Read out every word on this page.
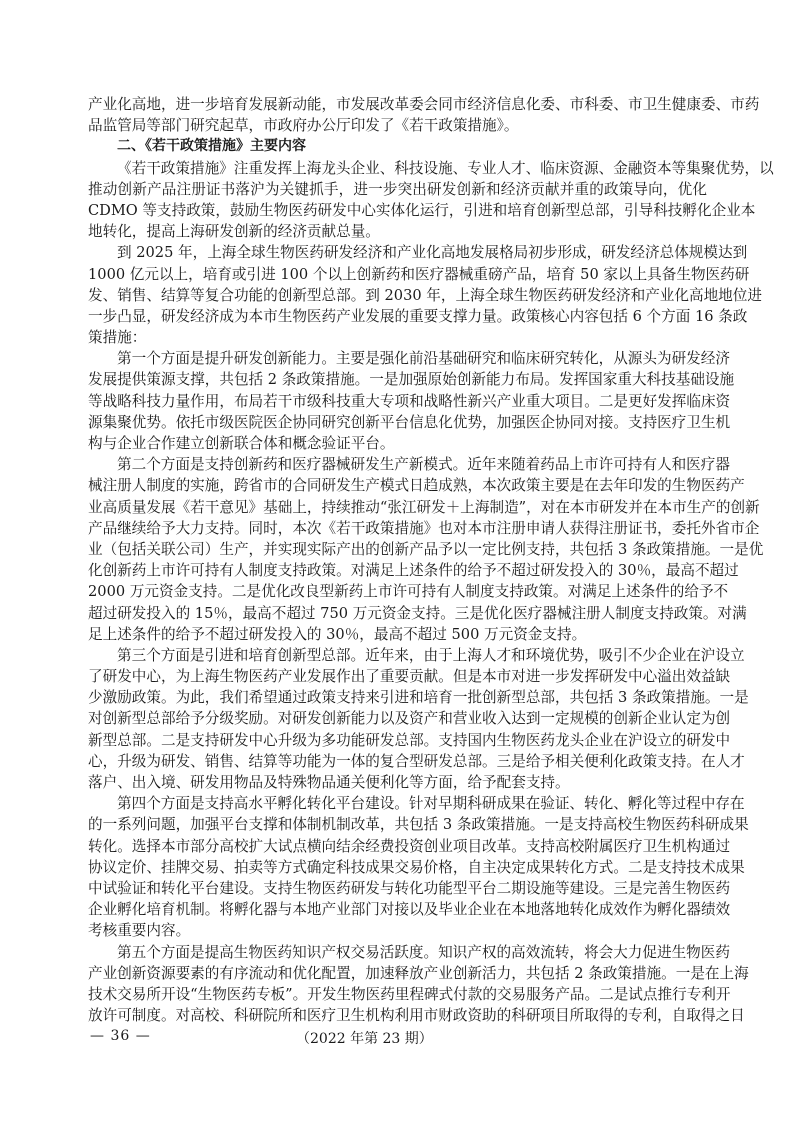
产业化高地，进一步培育发展新动能，市发展改革委会同市经济信息化委、市科委、市卫生健康委、市药
品监管局等部门研究起草，市政府办公厅印发了《若干政策措施》。
二、《若干政策措施》主要内容
《若干政策措施》注重发挥上海龙头企业、科技设施、专业人才、临床资源、金融资本等集聚优势，以
推动创新产品注册证书落沪为关键抓手，进一步突出研发创新和经济贡献并重的政策导向，优化
CDMO 等支持政策，鼓励生物医药研发中心实体化运行，引进和培育创新型总部，引导科技孵化企业本
地转化，提高上海研发创新的经济贡献总量。
到 2025 年，上海全球生物医药研发经济和产业化高地发展格局初步形成，研发经济总体规模达到
1000 亿元以上，培育或引进 100 个以上创新药和医疗器械重磅产品，培育 50 家以上具备生物医药研
发、销售、结算等复合功能的创新型总部。到 2030 年，上海全球生物医药研发经济和产业化高地地位进
一步凸显，研发经济成为本市生物医药产业发展的重要支撑力量。政策核心内容包括 6 个方面 16 条政
策措施：
第一个方面是提升研发创新能力。主要是强化前沿基础研究和临床研究转化，从源头为研发经济
发展提供策源支撑，共包括 2 条政策措施。一是加强原始创新能力布局。发挥国家重大科技基础设施
等战略科技力量作用，布局若干市级科技重大专项和战略性新兴产业重大项目。二是更好发挥临床资
源集聚优势。依托市级医院医企协同研究创新平台信息化优势，加强医企协同对接。支持医疗卫生机
构与企业合作建立创新联合体和概念验证平台。
第二个方面是支持创新药和医疗器械研发生产新模式。近年来随着药品上市许可持有人和医疗器
械注册人制度的实施，跨省市的合同研发生产模式日趋成熟，本次政策主要是在去年印发的生物医药产
业高质量发展《若干意见》基础上，持续推动“张江研发＋上海制造”，对在本市研发并在本市生产的创新
产品继续给予大力支持。同时，本次《若干政策措施》也对本市注册申请人获得注册证书，委托外省市企
业（包括关联公司）生产，并实现实际产出的创新产品予以一定比例支持，共包括 3 条政策措施。一是优
化创新药上市许可持有人制度支持政策。对满足上述条件的给予不超过研发投入的 30％，最高不超过
2000 万元资金支持。二是优化改良型新药上市许可持有人制度支持政策。对满足上述条件的给予不
超过研发投入的 15％，最高不超过 750 万元资金支持。三是优化医疗器械注册人制度支持政策。对满
足上述条件的给予不超过研发投入的 30％，最高不超过 500 万元资金支持。
第三个方面是引进和培育创新型总部。近年来，由于上海人才和环境优势，吸引不少企业在沪设立
了研发中心，为上海生物医药产业发展作出了重要贡献。但是本市对进一步发挥研发中心溢出效益缺
少激励政策。为此，我们希望通过政策支持来引进和培育一批创新型总部，共包括 3 条政策措施。一是
对创新型总部给予分级奖励。对研发创新能力以及资产和营业收入达到一定规模的创新企业认定为创
新型总部。二是支持研发中心升级为多功能研发总部。支持国内生物医药龙头企业在沪设立的研发中
心，升级为研发、销售、结算等功能为一体的复合型研发总部。三是给予相关便利化政策支持。在人才
落户、出入境、研发用物品及特殊物品通关便利化等方面，给予配套支持。
第四个方面是支持高水平孵化转化平台建设。针对早期科研成果在验证、转化、孵化等过程中存在
的一系列问题，加强平台支撑和体制机制改革，共包括 3 条政策措施。一是支持高校生物医药科研成果
转化。选择本市部分高校扩大试点横向结余经费投资创业项目改革。支持高校附属医疗卫生机构通过
协议定价、挂牌交易、拍卖等方式确定科技成果交易价格，自主决定成果转化方式。二是支持技术成果
中试验证和转化平台建设。支持生物医药研发与转化功能型平台二期设施等建设。三是完善生物医药
企业孵化培育机制。将孵化器与本地产业部门对接以及毕业企业在本地落地转化成效作为孵化器绩效
考核重要内容。
第五个方面是提高生物医药知识产权交易活跃度。知识产权的高效流转，将会大力促进生物医药
产业创新资源要素的有序流动和优化配置，加速释放产业创新活力，共包括 2 条政策措施。一是在上海
技术交易所开设“生物医药专板”。开发生物医药里程碑式付款的交易服务产品。二是试点推行专利开
放许可制度。对高校、科研院所和医疗卫生机构利用市财政资助的科研项目所取得的专利，自取得之日
— 36 —	（2022 年第 23 期）
